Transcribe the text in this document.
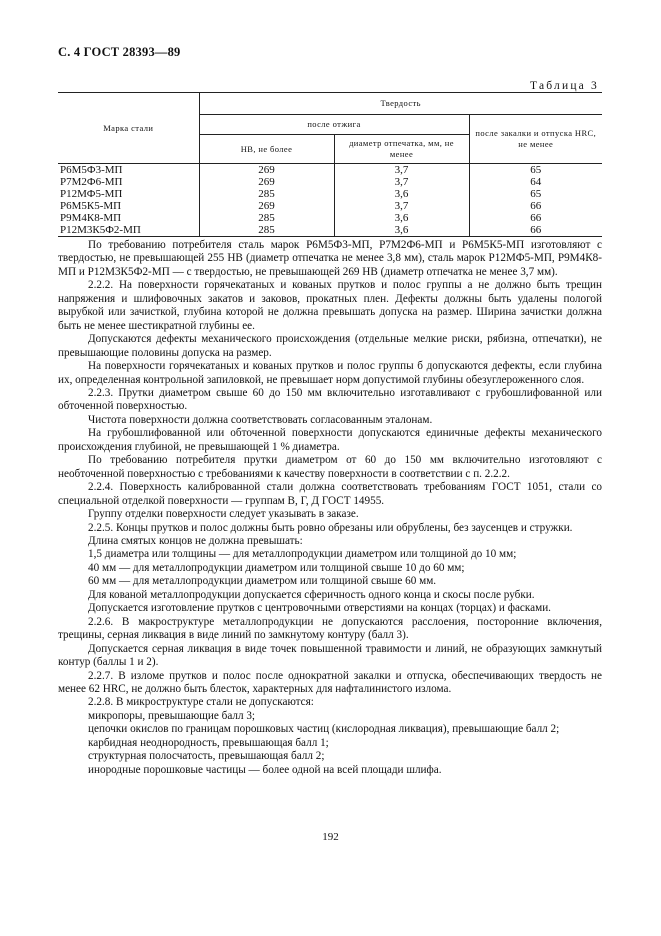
С. 4 ГОСТ 28393—89
Таблица 3
Марка стали	Твердость		
	после отжига		после закалки и отпуска HRC, не менее
	НВ, не более	диаметр отпечатка, мм, не менее	
Р6М5Ф3-МП	269	3,7	65
Р7М2Ф6-МП	269	3,7	64
Р12МФ5-МП	285	3,6	65
Р6М5К5-МП	269	3,7	66
Р9М4К8-МП	285	3,6	66
Р12М3К5Ф2-МП	285	3,6	66

По требованию потребителя сталь марок Р6М5Ф3-МП, Р7М2Ф6-МП и Р6М5К5-МП изготовляют с твердостью, не превышающей 255 НВ (диаметр отпечатка не менее 3,8 мм), сталь марок Р12МФ5-МП, Р9М4К8-МП и Р12М3К5Ф2-МП — с твердостью, не превышающей 269 НВ (диаметр отпечатка не менее 3,7 мм).

2.2.2. На поверхности горячекатаных и кованых прутков и полос группы а не должно быть трещин напряжения и шлифовочных закатов и заковов, прокатных плен. Дефекты должны быть удалены пологой вырубкой или зачисткой, глубина которой не должна превышать допуска на размер. Ширина зачистки должна быть не менее шестикратной глубины ее.

Допускаются дефекты механического происхождения (отдельные мелкие риски, рябизна, отпечатки), не превышающие половины допуска на размер.

На поверхности горячекатаных и кованых прутков и полос группы б допускаются дефекты, если глубина их, определенная контрольной запиловкой, не превышает норм допустимой глубины обезуглероженного слоя.

2.2.3. Прутки диаметром свыше 60 до 150 мм включительно изготавливают с грубошлифованной или обточенной поверхностью.

Чистота поверхности должна соответствовать согласованным эталонам.

На грубошлифованной или обточенной поверхности допускаются единичные дефекты механического происхождения глубиной, не превышающей 1 % диаметра.

По требованию потребителя прутки диаметром от 60 до 150 мм включительно изготовляют с необточенной поверхностью с требованиями к качеству поверхности в соответствии с п. 2.2.2.

2.2.4. Поверхность калиброванной стали должна соответствовать требованиям ГОСТ 1051, стали со специальной отделкой поверхности — группам В, Г, Д ГОСТ 14955.

Группу отделки поверхности следует указывать в заказе.

2.2.5. Концы прутков и полос должны быть ровно обрезаны или обрублены, без заусенцев и стружки.

Длина смятых концов не должна превышать:

1,5 диаметра или толщины — для металлопродукции диаметром или толщиной до 10 мм;

40 мм — для металлопродукции диаметром или толщиной свыше 10 до 60 мм;

60 мм — для металлопродукции диаметром или толщиной свыше 60 мм.

Для кованой металлопродукции допускается сферичность одного конца и скосы после рубки.

Допускается изготовление прутков с центровочными отверстиями на концах (торцах) и фасками.

2.2.6. В макроструктуре металлопродукции не допускаются расслоения, посторонние включения, трещины, серная ликвация в виде линий по замкнутому контуру (балл 3).

Допускается серная ликвация в виде точек повышенной травимости и линий, не образующих замкнутый контур (баллы 1 и 2).

2.2.7. В изломе прутков и полос после однократной закалки и отпуска, обеспечивающих твердость не менее 62 HRC, не должно быть блесток, характерных для нафталинистого излома.

2.2.8. В микроструктуре стали не допускаются:

микропоры, превышающие балл 3;

цепочки окислов по границам порошковых частиц (кислородная ликвация), превышающие балл 2;

карбидная неоднородность, превышающая балл 1;

структурная полосчатость, превышающая балл 2;

инородные порошковые частицы — более одной на всей площади шлифа.

192
